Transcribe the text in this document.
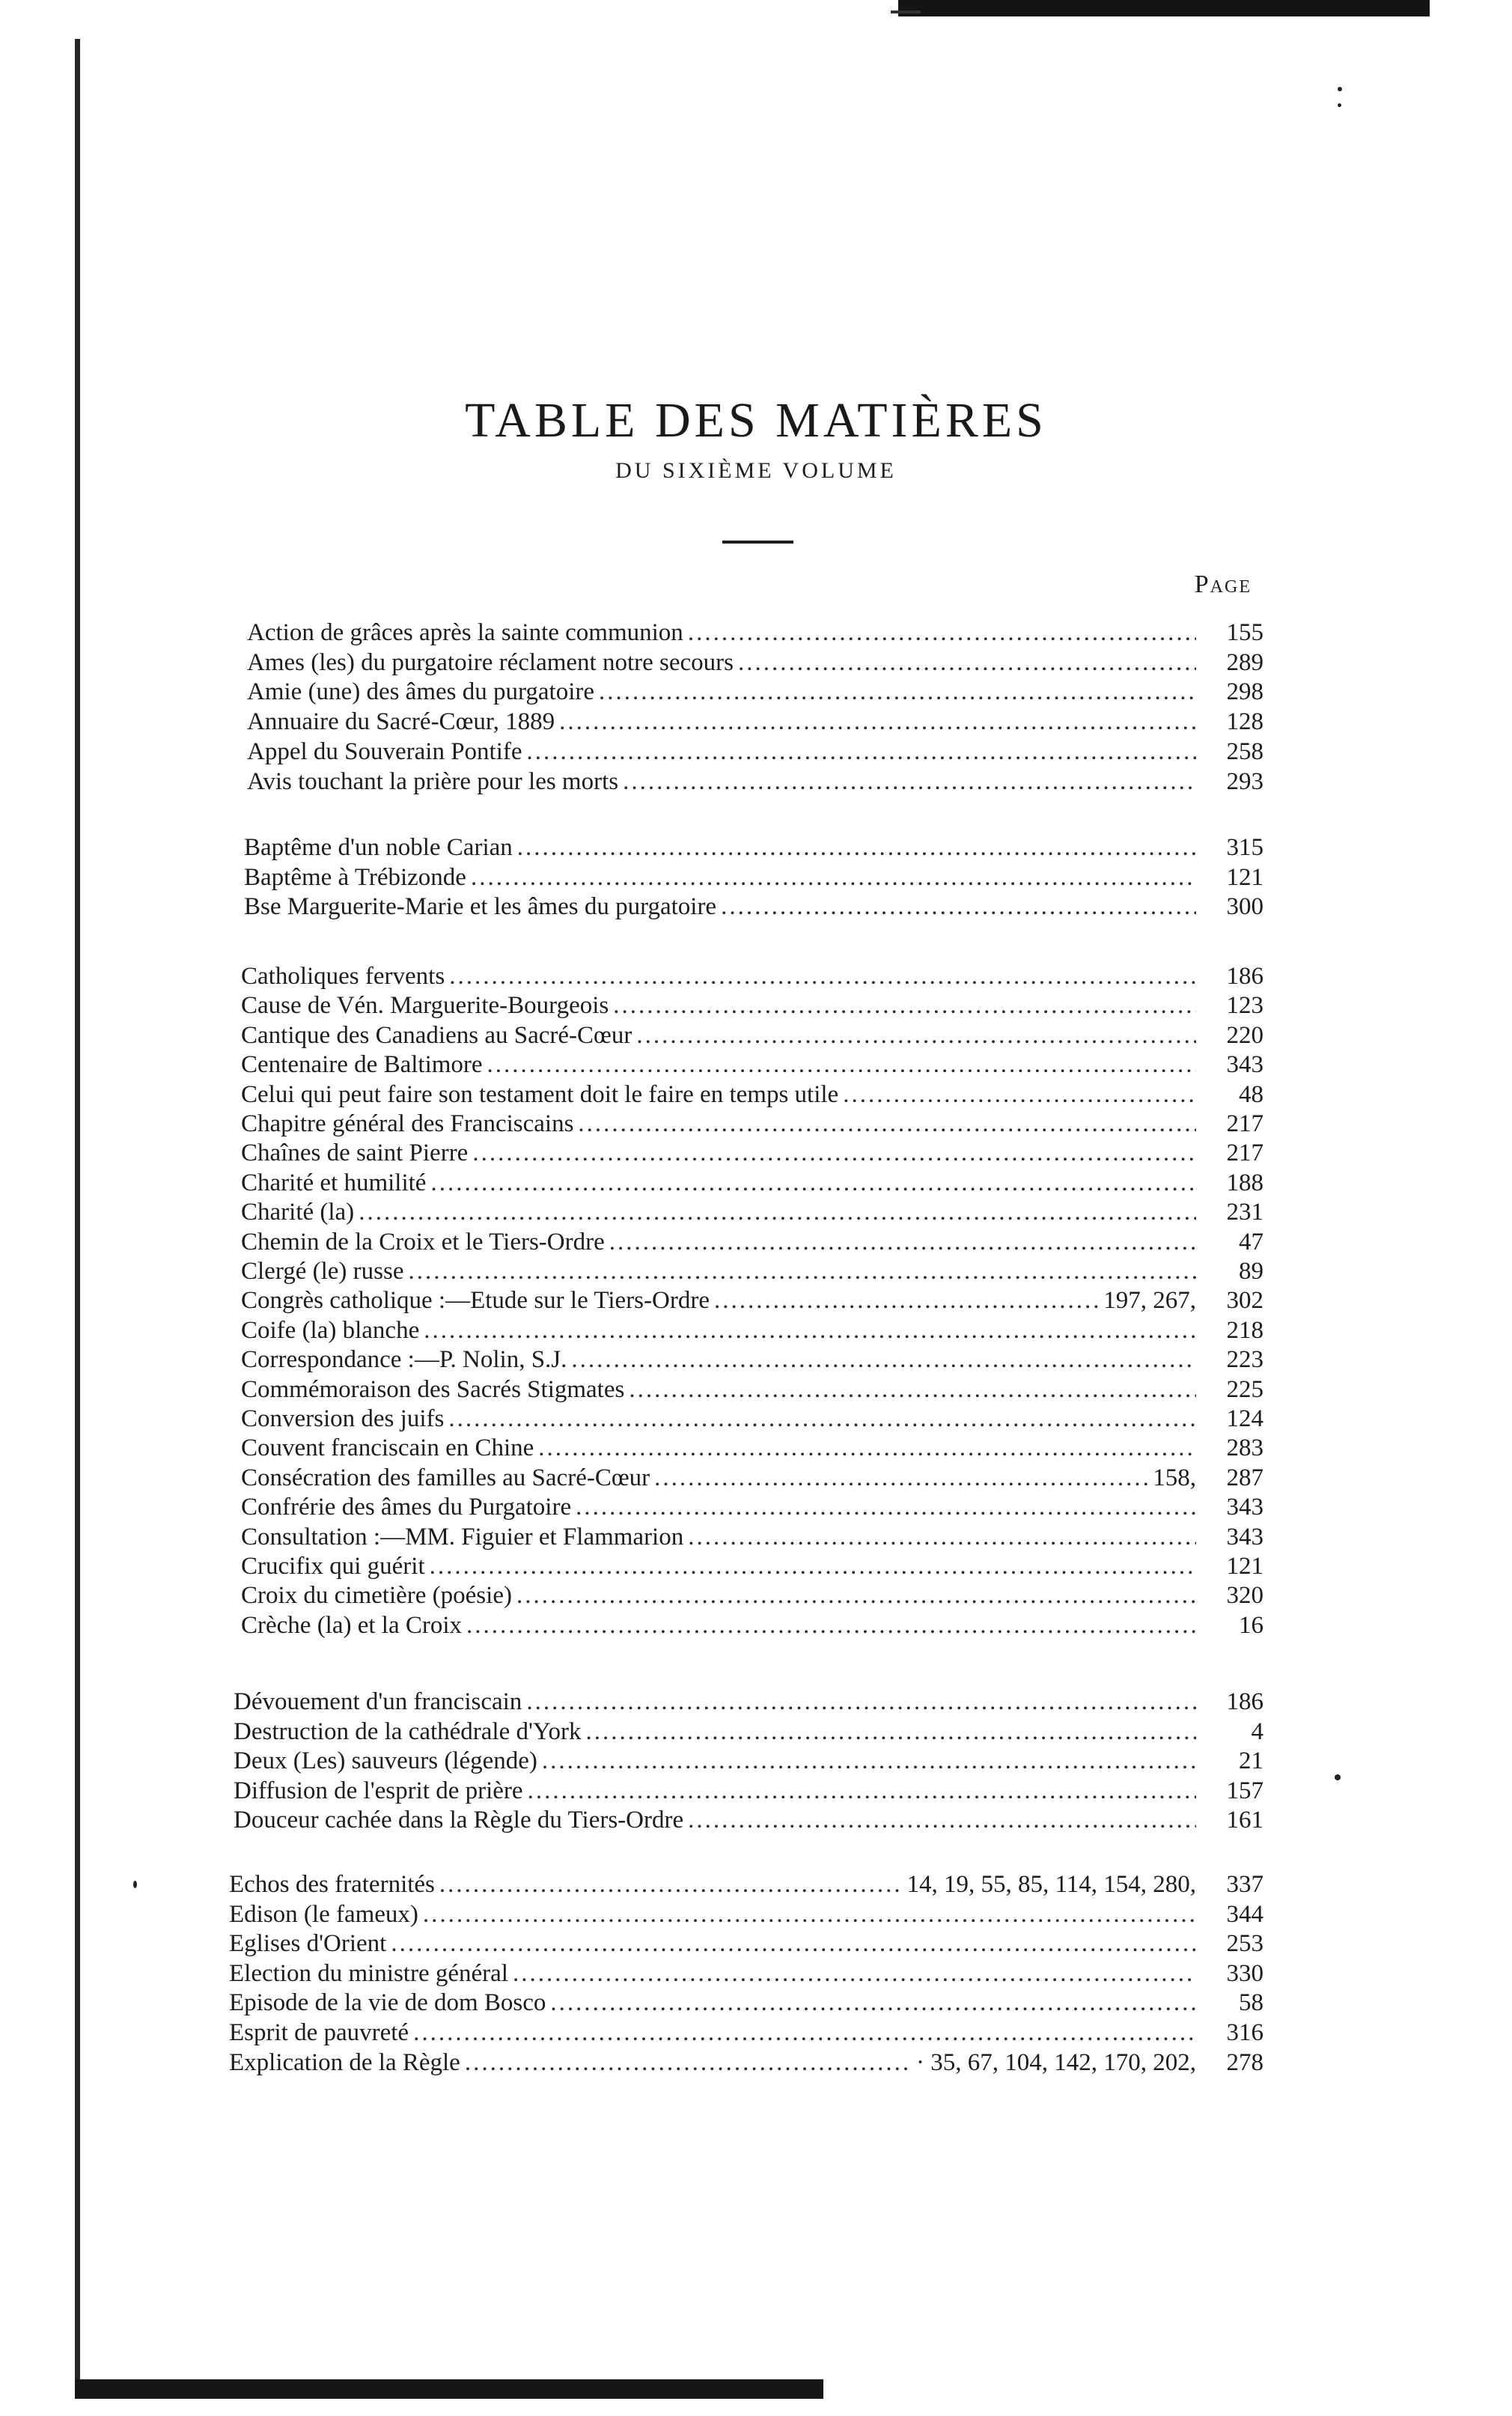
TABLE DES MATIÈRES
DU SIXIÈME VOLUME
Page
Action de grâces après la sainte communion .....	155
Ames (les) du purgatoire réclament notre secours .....	289
Amie (une) des âmes du purgatoire .....	298
Annuaire du Sacré-Cœur, 1889 .....	128
Appel du Souverain Pontife .....	258
Avis touchant la prière pour les morts .....	293
Baptême d'un noble Carian .....	315
Baptême à Trébizonde .....	121
Bse Marguerite-Marie et les âmes du purgatoire .....	300
Catholiques fervents .....	186
Cause de Vén. Marguerite-Bourgeois .....	123
Cantique des Canadiens au Sacré-Cœur .....	220
Centenaire de Baltimore .....	343
Celui qui peut faire son testament doit le faire en temps utile .....	48
Chapitre général des Franciscains .....	217
Chaînes de saint Pierre .....	217
Charité et humilité .....	188
Charité (la) .....	231
Chemin de la Croix et le Tiers-Ordre .....	47
Clergé (le) russe .....	89
Congrès catholique :—Etude sur le Tiers-Ordre .....	197, 267,	302
Coife (la) blanche .....	218
Correspondance :—P. Nolin, S.J. .....	223
Commémoraison des Sacrés Stigmates .....	225
Conversion des juifs .....	124
Couvent franciscain en Chine .....	283
Consécration des familles au Sacré-Cœur .....	158,	287
Confrérie des âmes du Purgatoire .....	343
Consultation :—MM. Figuier et Flammarion .....	343
Crucifix qui guérit .....	121
Croix du cimetière (poésie) .....	320
Crèche (la) et la Croix .....	16
Dévouement d'un franciscain .....	186
Destruction de la cathédrale d'York .....	4
Deux (Les) sauveurs (légende) .....	21
Diffusion de l'esprit de prière .....	157
Douceur cachée dans la Règle du Tiers-Ordre .....	161
Echos des fraternités .....	14, 19, 55, 85, 114, 154, 280,	337
Edison (le fameux) .....	344
Eglises d'Orient .....	253
Election du ministre général .....	330
Episode de la vie de dom Bosco .....	58
Esprit de pauvreté .....	316
Explication de la Règle .....	· 35, 67, 104, 142, 170, 202,	278
